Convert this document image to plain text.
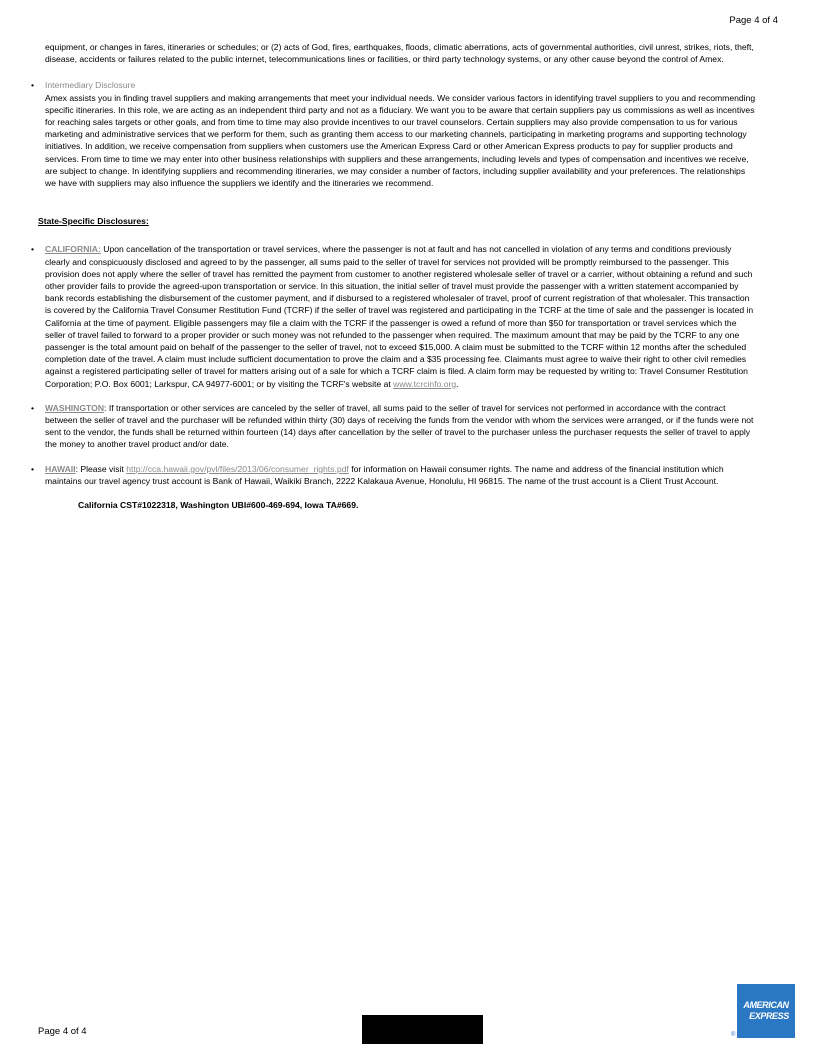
Page 4 of 4

equipment, or changes in fares, itineraries or schedules; or (2) acts of God, fires, earthquakes, floods, climatic aberrations, acts of governmental authorities, civil unrest, strikes, riots, theft, disease, accidents or failures related to the public internet, telecommunications lines or facilities, or third party technology systems, or any other cause beyond the control of Amex.

• Intermediary Disclosure

Amex assists you in finding travel suppliers and making arrangements that meet your individual needs. We consider various factors in identifying travel suppliers to you and recommending specific itineraries. In this role, we are acting as an independent third party and not as a fiduciary. We want you to be aware that certain suppliers pay us commissions as well as incentives for reaching sales targets or other goals, and from time to time may also provide incentives to our travel counselors. Certain suppliers may also provide compensation to us for various marketing and administrative services that we perform for them, such as granting them access to our marketing channels, participating in marketing programs and supporting technology initiatives. In addition, we receive compensation from suppliers when customers use the American Express Card or other American Express products to pay for supplier products and services. From time to time we may enter into other business relationships with suppliers and these arrangements, including levels and types of compensation and incentives we receive, are subject to change. In identifying suppliers and recommending itineraries, we may consider a number of factors, including supplier availability and your preferences. The relationships we have with suppliers may also influence the suppliers we identify and the itineraries we recommend.

State-Specific Disclosures:

• CALIFORNIA: Upon cancellation of the transportation or travel services, where the passenger is not at fault and has not cancelled in violation of any terms and conditions previously clearly and conspicuously disclosed and agreed to by the passenger, all sums paid to the seller of travel for services not provided will be promptly reimbursed to the passenger. This provision does not apply where the seller of travel has remitted the payment from customer to another registered wholesale seller of travel or a carrier, without obtaining a refund and such other provider fails to provide the agreed-upon transportation or service. In this situation, the initial seller of travel must provide the passenger with a written statement accompanied by bank records establishing the disbursement of the customer payment, and if disbursed to a registered wholesaler of travel, proof of current registration of that wholesaler. This transaction is covered by the California Travel Consumer Restitution Fund (TCRF) if the seller of travel was registered and participating in the TCRF at the time of sale and the passenger is located in California at the time of payment. Eligible passengers may file a claim with the TCRF if the passenger is owed a refund of more than $50 for transportation or travel services which the seller of travel failed to forward to a proper provider or such money was not refunded to the passenger when required. The maximum amount that may be paid by the TCRF to any one passenger is the total amount paid on behalf of the passenger to the seller of travel, not to exceed $15,000. A claim must be submitted to the TCRF within 12 months after the scheduled completion date of the travel. A claim must include sufficient documentation to prove the claim and a $35 processing fee. Claimants must agree to waive their right to other civil remedies against a registered participating seller of travel for matters arising out of a sale for which a TCRF claim is filed. A claim form may be requested by writing to: Travel Consumer Restitution Corporation; P.O. Box 6001; Larkspur, CA 94977-6001; or by visiting the TCRF's website at www.tcrcinfo.org.

• WASHINGTON: If transportation or other services are canceled by the seller of travel, all sums paid to the seller of travel for services not performed in accordance with the contract between the seller of travel and the purchaser will be refunded within thirty (30) days of receiving the funds from the vendor with whom the services were arranged, or if the funds were not sent to the vendor, the funds shall be returned within fourteen (14) days after cancellation by the seller of travel to the purchaser unless the purchaser requests the seller of travel to apply the money to another travel product and/or date.

• HAWAII: Please visit http://cca.hawaii.gov/pvl/files/2013/06/consumer_rights.pdf for information on Hawaii consumer rights. The name and address of the financial institution which maintains our travel agency trust account is Bank of Hawaii, Waikiki Branch, 2222 Kalakaua Avenue, Honolulu, HI 96815. The name of the trust account is a Client Trust Account.

California CST#1022318, Washington UBI#600-469-694, Iowa TA#669.

Page 4 of 4
AMERICAN
EXPRESS
®
